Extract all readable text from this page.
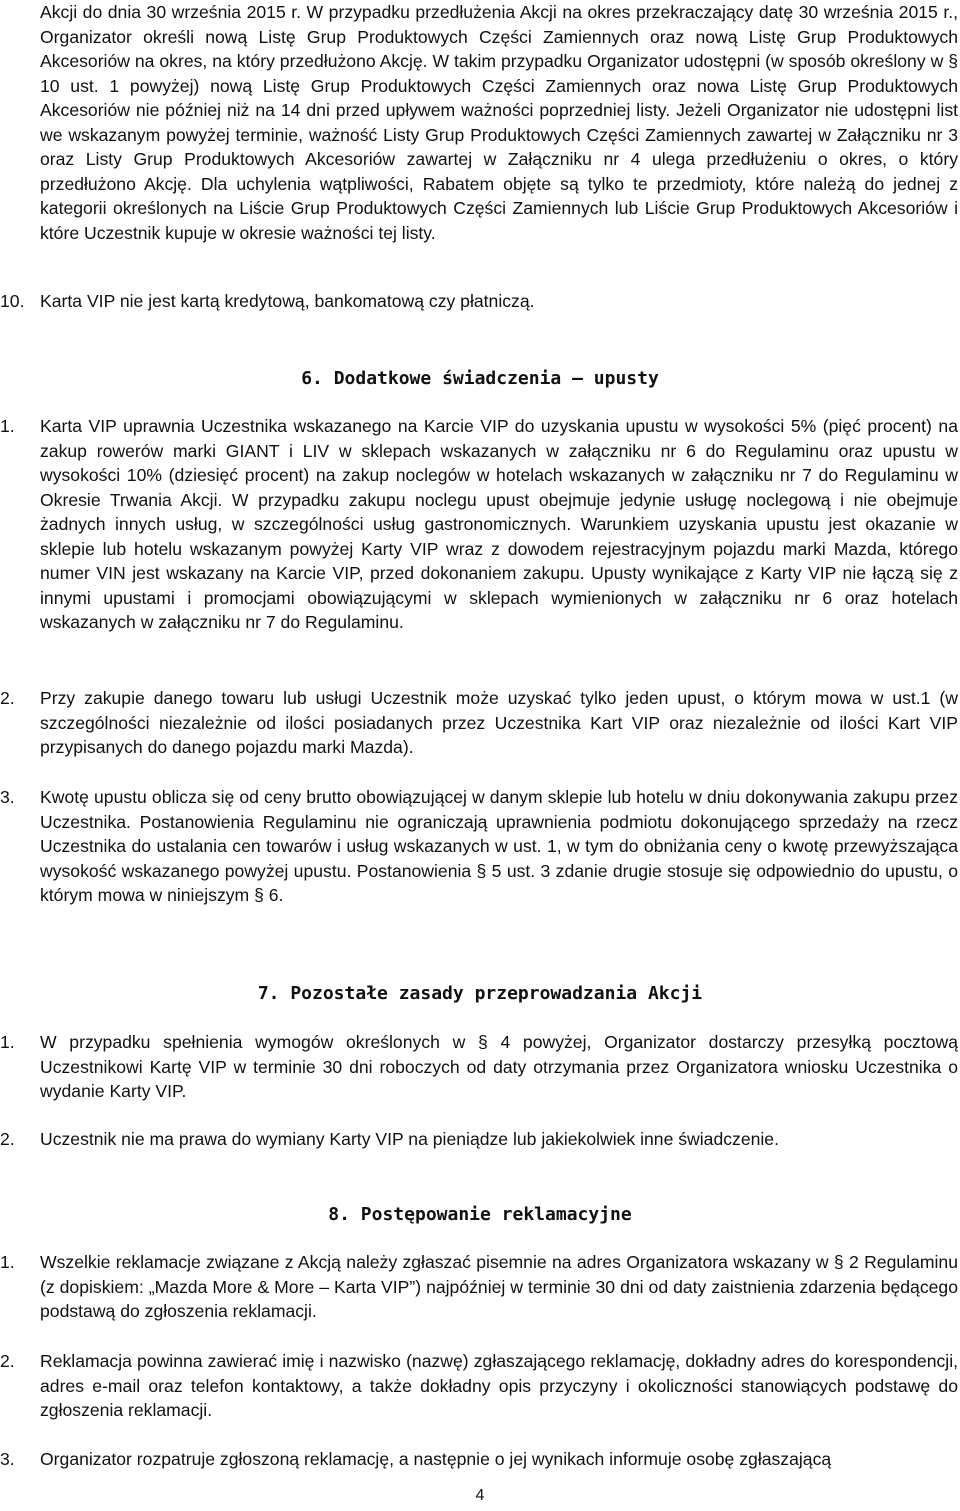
Akcji do dnia 30 września 2015 r. W przypadku przedłużenia Akcji na okres przekraczający datę 30 września 2015 r., Organizator określi nową Listę Grup Produktowych Części Zamiennych oraz nową Listę Grup Produktowych Akcesoriów na okres, na który przedłużono Akcję. W takim przypadku Organizator udostępni (w sposób określony w § 10 ust. 1 powyżej) nową Listę Grup Produktowych Części Zamiennych oraz nowa Listę Grup Produktowych Akcesoriów nie później niż na 14 dni przed upływem ważności poprzedniej listy. Jeżeli Organizator nie udostępni list we wskazanym powyżej terminie, ważność Listy Grup Produktowych Części Zamiennych zawartej w Załączniku nr 3 oraz Listy Grup Produktowych Akcesoriów zawartej w Załączniku nr 4 ulega przedłużeniu o okres, o który przedłużono Akcję. Dla uchylenia wątpliwości, Rabatem objęte są tylko te przedmioty, które należą do jednej z kategorii określonych na Liście Grup Produktowych Części Zamiennych lub Liście Grup Produktowych Akcesoriów i które Uczestnik kupuje w okresie ważności tej listy.

10. Karta VIP nie jest kartą kredytową, bankomatową czy płatniczą.

6. Dodatkowe świadczenia – upusty
1. Karta VIP uprawnia Uczestnika wskazanego na Karcie VIP do uzyskania upustu w wysokości 5% (pięć procent) na zakup rowerów marki GIANT i LIV w sklepach wskazanych w załączniku nr 6 do Regulaminu oraz upustu w wysokości 10% (dziesięć procent) na zakup noclegów w hotelach wskazanych w załączniku nr 7 do Regulaminu w Okresie Trwania Akcji. W przypadku zakupu noclegu upust obejmuje jedynie usługę noclegową i nie obejmuje żadnych innych usług, w szczególności usług gastronomicznych. Warunkiem uzyskania upustu jest okazanie w sklepie lub hotelu wskazanym powyżej Karty VIP wraz z dowodem rejestracyjnym pojazdu marki Mazda, którego numer VIN jest wskazany na Karcie VIP, przed dokonaniem zakupu. Upusty wynikające z Karty VIP nie łączą się z innymi upustami i promocjami obowiązującymi w sklepach wymienionych w załączniku nr 6 oraz hotelach wskazanych w załączniku nr 7 do Regulaminu.

2. Przy zakupie danego towaru lub usługi Uczestnik może uzyskać tylko jeden upust, o którym mowa w ust.1 (w szczególności niezależnie od ilości posiadanych przez Uczestnika Kart VIP oraz niezależnie od ilości Kart VIP przypisanych do danego pojazdu marki Mazda).

3. Kwotę upustu oblicza się od ceny brutto obowiązującej w danym sklepie lub hotelu w dniu dokonywania zakupu przez Uczestnika. Postanowienia Regulaminu nie ograniczają uprawnienia podmiotu dokonującego sprzedaży na rzecz Uczestnika do ustalania cen towarów i usług wskazanych w ust. 1, w tym do obniżania ceny o kwotę przewyższająca wysokość wskazanego powyżej upustu. Postanowienia § 5 ust. 3 zdanie drugie stosuje się odpowiednio do upustu, o którym mowa w niniejszym § 6.

7. Pozostałe zasady przeprowadzania Akcji
1. W przypadku spełnienia wymogów określonych w § 4 powyżej, Organizator dostarczy przesyłką pocztową Uczestnikowi Kartę VIP w terminie 30 dni roboczych od daty otrzymania przez Organizatora wniosku Uczestnika o wydanie Karty VIP.

2. Uczestnik nie ma prawa do wymiany Karty VIP na pieniądze lub jakiekolwiek inne świadczenie.

8. Postępowanie reklamacyjne
1. Wszelkie reklamacje związane z Akcją należy zgłaszać pisemnie na adres Organizatora wskazany w § 2 Regulaminu (z dopiskiem: „Mazda More & More – Karta VIP”) najpóźniej w terminie 30 dni od daty zaistnienia zdarzenia będącego podstawą do zgłoszenia reklamacji.

2. Reklamacja powinna zawierać imię i nazwisko (nazwę) zgłaszającego reklamację, dokładny adres do korespondencji, adres e-mail oraz telefon kontaktowy, a także dokładny opis przyczyny i okoliczności stanowiących podstawę do zgłoszenia reklamacji.

3. Organizator rozpatruje zgłoszoną reklamację, a następnie o jej wynikach informuje osobę zgłaszającą

4
